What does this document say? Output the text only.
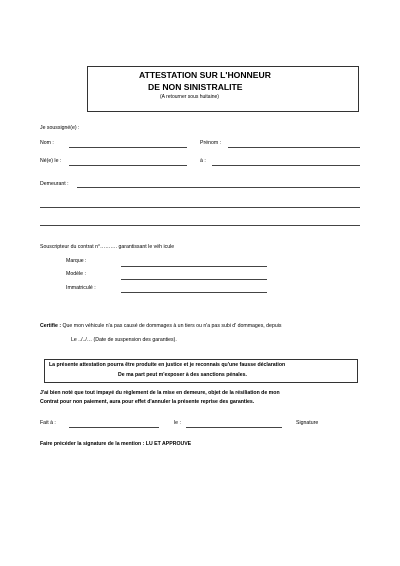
ATTESTATION SUR L'HONNEUR
DE NON SINISTRALITE
(A retourner sous huitaine)
Je soussigné(e) :
Nom :	Prénom :
Né(e) le :	à :
Demeurant :
Souscripteur du contrat n°………. garantissant le véh icule
Marque :
Modèle :
Immatriculé :
Certifie : Que mon véhicule n'a pas causé de dommages à un tiers ou n'a pas subi d' dommages, depuis
Le ../../… (Date de suspension des garanties).
La présente attestation pourra être produite en justice et je reconnais qu'une fausse déclaration
De ma part peut m'exposer à des sanctions pénales.
J'ai bien noté que tout impayé du règlement de la mise en demeure, objet de la résiliation de mon
Contrat pour non paiement, aura pour effet d'annuler la présente reprise des garanties.
Fait à :	le :	Signature
Faire précéder la signature de la mention : LU ET APPROUVE
